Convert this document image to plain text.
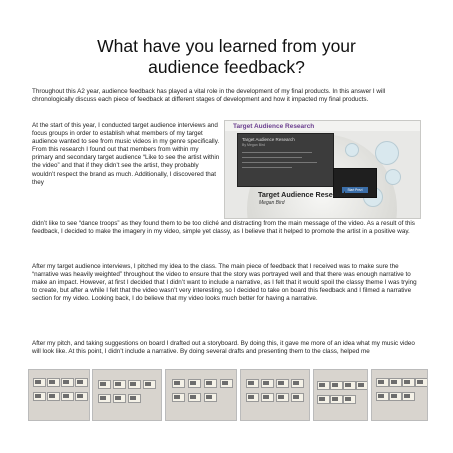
What have you learned from your audience feedback?

Throughout this A2 year, audience feedback has played a vital role in the development of my final products. In this answer I will chronologically discuss each piece of feedback at different stages of development and how it impacted my final products.

At the start of this year, I conducted target audience interviews and focus groups in order to establish what members of my target audience wanted to see from music videos in my genre specifically. From this research I found out that members from within my primary and secondary target audience “Like to see the artist within the video” and that if they didn’t see the artist, they probably wouldn’t respect the brand as much. Additionally, I discovered that they

Target Audience Research
Target Audience Research
By Megan Bird
Start Prezi
Target Audience Research
Megan Bird

didn’t like to see “dance troops” as they found them to be too cliché and distracting from the main message of the video. As a result of this feedback, I decided to make the imagery in my video, simple yet classy, as I believe that it helped to promote the artist in a positive way.

After my target audience interviews, I pitched my idea to the class. The main piece of feedback that I received was to make sure the “narrative was heavily weighted” throughout the video to ensure that the story was portrayed well and that there was enough narrative to make an impact. However, at first I decided that I didn’t want to include a narrative, as I felt that it would spoil the classy theme I was trying to create, but after a while I felt that the video wasn’t very interesting, so I decided to take on board this feedback and I filmed a narrative section for my video. Looking back, I do believe that my video looks much better for having a narrative.

After my pitch, and taking suggestions on board I drafted out a storyboard. By doing this, it gave me more of an idea what my music video will look like. At this point, I didn’t include a narrative. By doing several drafts and presenting them to the class, helped me
